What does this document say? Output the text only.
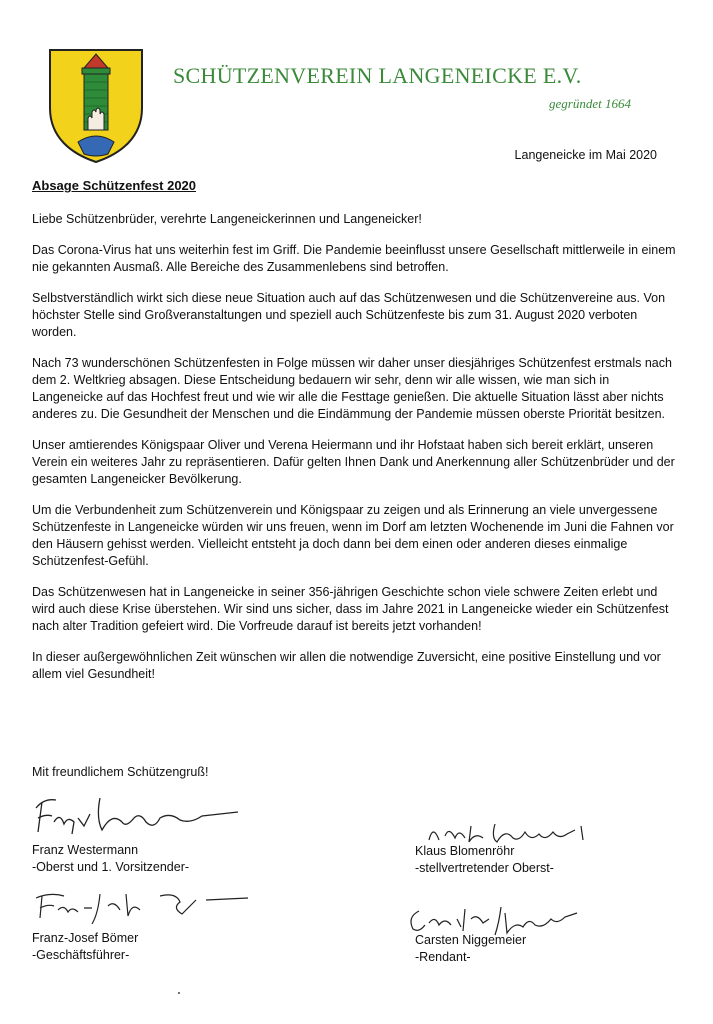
SCHÜTZENVEREIN LANGENEICKE E.V.
gegründet 1664
Langeneicke im Mai 2020
Absage Schützenfest 2020

Liebe Schützenbrüder, verehrte Langeneickerinnen und Langeneicker!

Das Corona-Virus hat uns weiterhin fest im Griff. Die Pandemie beeinflusst unsere Gesellschaft mittlerweile in einem nie gekannten Ausmaß. Alle Bereiche des Zusammenlebens sind betroffen.

Selbstverständlich wirkt sich diese neue Situation auch auf das Schützenwesen und die Schützenvereine aus. Von höchster Stelle sind Großveranstaltungen und speziell auch Schützenfeste bis zum 31. August 2020 verboten worden.

Nach 73 wunderschönen Schützenfesten in Folge müssen wir daher unser diesjähriges Schützenfest erstmals nach dem 2. Weltkrieg absagen. Diese Entscheidung bedauern wir sehr, denn wir alle wissen, wie man sich in Langeneicke auf das Hochfest freut und wie wir alle die Festtage genießen. Die aktuelle Situation lässt aber nichts anderes zu. Die Gesundheit der Menschen und die Eindämmung der Pandemie müssen oberste Priorität besitzen.

Unser amtierendes Königspaar Oliver und Verena Heiermann und ihr Hofstaat haben sich bereit erklärt, unseren Verein ein weiteres Jahr zu repräsentieren. Dafür gelten Ihnen Dank und Anerkennung aller Schützenbrüder und der gesamten Langeneicker Bevölkerung.

Um die Verbundenheit zum Schützenverein und Königspaar zu zeigen und als Erinnerung an viele unvergessene Schützenfeste in Langeneicke würden wir uns freuen, wenn im Dorf am letzten Wochenende im Juni die Fahnen vor den Häusern gehisst werden. Vielleicht entsteht ja doch dann bei dem einen oder anderen dieses einmalige Schützenfest-Gefühl.

Das Schützenwesen hat in Langeneicke in seiner 356-jährigen Geschichte schon viele schwere Zeiten erlebt und wird auch diese Krise überstehen. Wir sind uns sicher, dass im Jahre 2021 in Langeneicke wieder ein Schützenfest nach alter Tradition gefeiert wird. Die Vorfreude darauf ist bereits jetzt vorhanden!

In dieser außergewöhnlichen Zeit wünschen wir allen die notwendige Zuversicht, eine positive Einstellung und vor allem viel Gesundheit!

Mit freundlichem Schützengruß!
Franz Westermann
-Oberst und 1. Vorsitzender-
Klaus Blomenröhr
-stellvertretender Oberst-
Franz-Josef Bömer
-Geschäftsführer-
Carsten Niggemeier
-Rendant-
